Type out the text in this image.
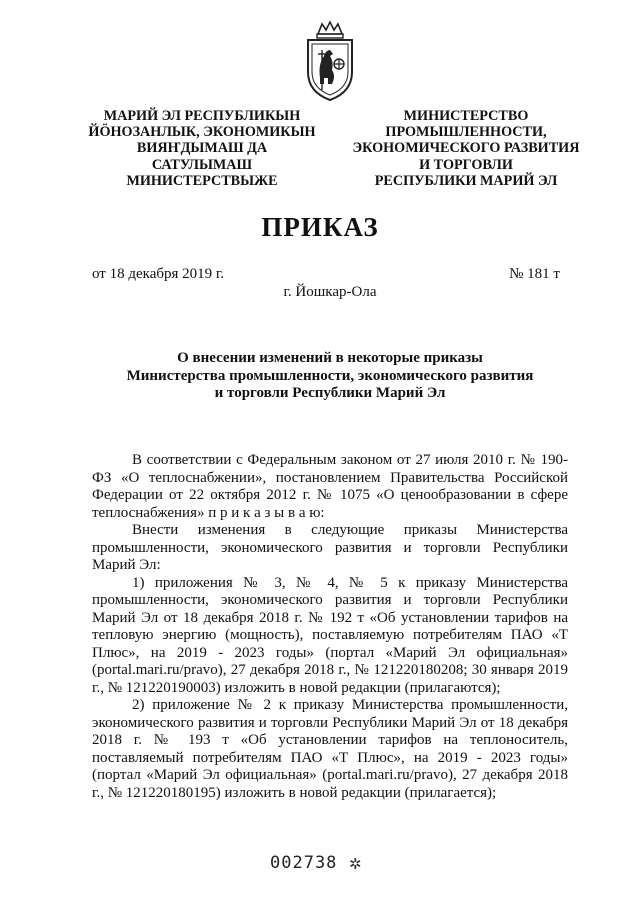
МАРИЙ ЭЛ РЕСПУБЛИКЫН
ЙÖНОЗАНЛЫК, ЭКОНОМИКЫН
ВИЯҤДЫМАШ ДА
САТУЛЫМАШ
МИНИСТЕРСТВЫЖЕ
МИНИСТЕРСТВО
ПРОМЫШЛЕННОСТИ,
ЭКОНОМИЧЕСКОГО РАЗВИТИЯ
И ТОРГОВЛИ
РЕСПУБЛИКИ МАРИЙ ЭЛ
ПРИКАЗ
от 18 декабря 2019 г.	№ 181 т
г. Йошкар-Ола
О внесении изменений в некоторые приказы
Министерства промышленности, экономического развития
и торговли Республики Марий Эл

В соответствии с Федеральным законом от 27 июля 2010 г. № 190-ФЗ «О теплоснабжении», постановлением Правительства Российской Федерации от 22 октября 2012 г. № 1075 «О ценообразовании в сфере теплоснабжения» п р и к а з ы в а ю:

Внести изменения в следующие приказы Министерства промышленности, экономического развития и торговли Республики Марий Эл:

1) приложения № 3, № 4, № 5 к приказу Министерства промышленности, экономического развития и торговли Республики Марий Эл от 18 декабря 2018 г. № 192 т «Об установлении тарифов на тепловую энергию (мощность), поставляемую потребителям ПАО «Т Плюс», на 2019 - 2023 годы» (портал «Марий Эл официальная» (portal.mari.ru/pravo), 27 декабря 2018 г., № 121220180208; 30 января 2019 г., № 121220190003) изложить в новой редакции (прилагаются);

2) приложение № 2 к приказу Министерства промышленности, экономического развития и торговли Республики Марий Эл от 18 декабря 2018 г. № 193 т «Об установлении тарифов на теплоноситель, поставляемый потребителям ПАО «Т Плюс», на 2019 - 2023 годы» (портал «Марий Эл официальная» (portal.mari.ru/pravo), 27 декабря 2018 г., № 121220180195) изложить в новой редакции (прилагается);

002738 ✲
